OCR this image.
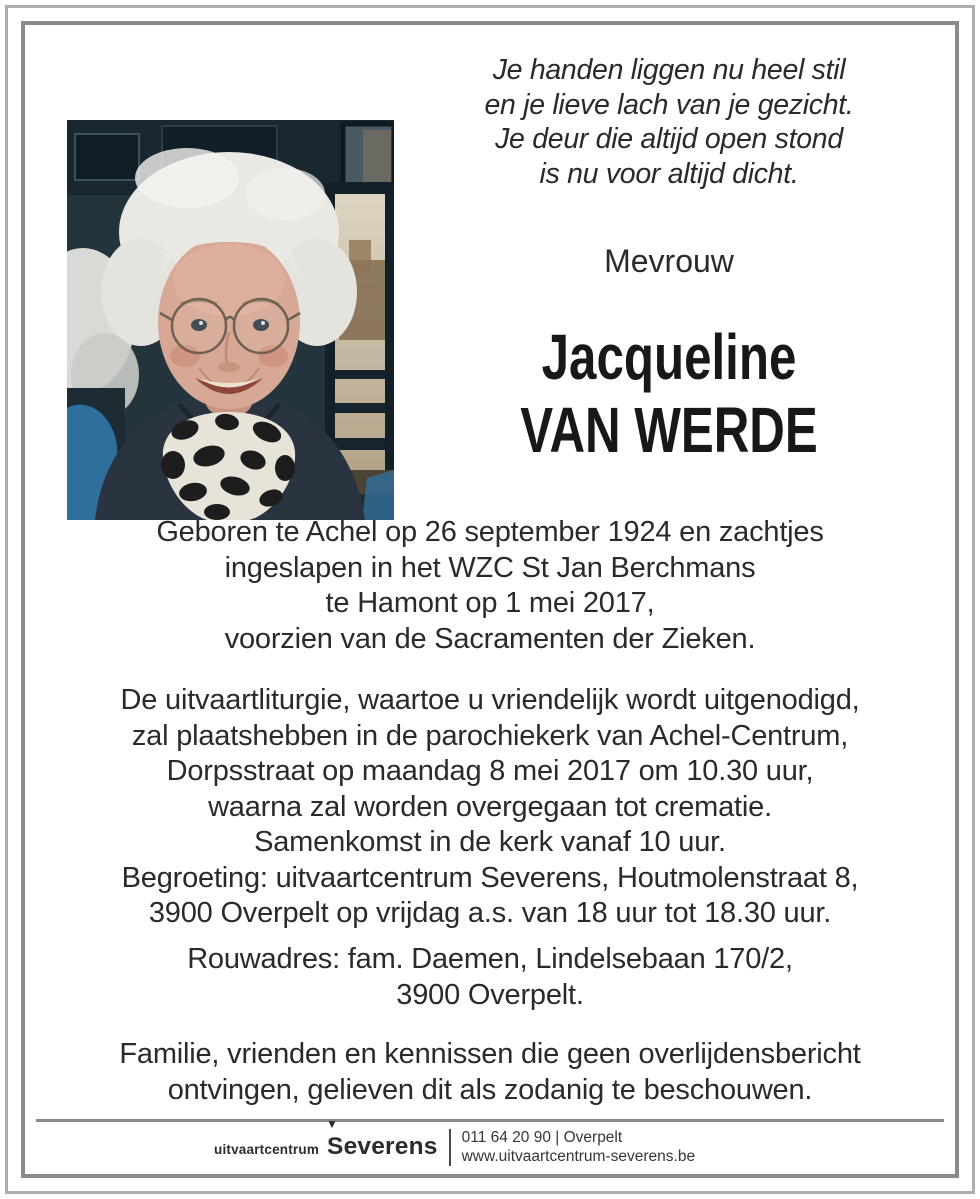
Je handen liggen nu heel stil
en je lieve lach van je gezicht.
Je deur die altijd open stond
is nu voor altijd dicht.
Mevrouw
Jacqueline
VAN WERDE
Geboren te Achel op 26 september 1924 en zachtjes
ingeslapen in het WZC St Jan Berchmans
te Hamont op 1 mei 2017,
voorzien van de Sacramenten der Zieken.
De uitvaartliturgie, waartoe u vriendelijk wordt uitgenodigd,
zal plaatshebben in de parochiekerk van Achel-Centrum,
Dorpsstraat op maandag 8 mei 2017 om 10.30 uur,
waarna zal worden overgegaan tot crematie.
Samenkomst in de kerk vanaf 10 uur.
Begroeting: uitvaartcentrum Severens, Houtmolenstraat 8,
3900 Overpelt op vrijdag a.s. van 18 uur tot 18.30 uur.
Rouwadres: fam. Daemen, Lindelsebaan 170/2,
3900 Overpelt.
Familie, vrienden en kennissen die geen overlijdensbericht
ontvingen, gelieven dit als zodanig te beschouwen.
uitvaartcentrum
▼
Severens 011 64 20 90 | Overpelt
www.uitvaartcentrum-severens.be
